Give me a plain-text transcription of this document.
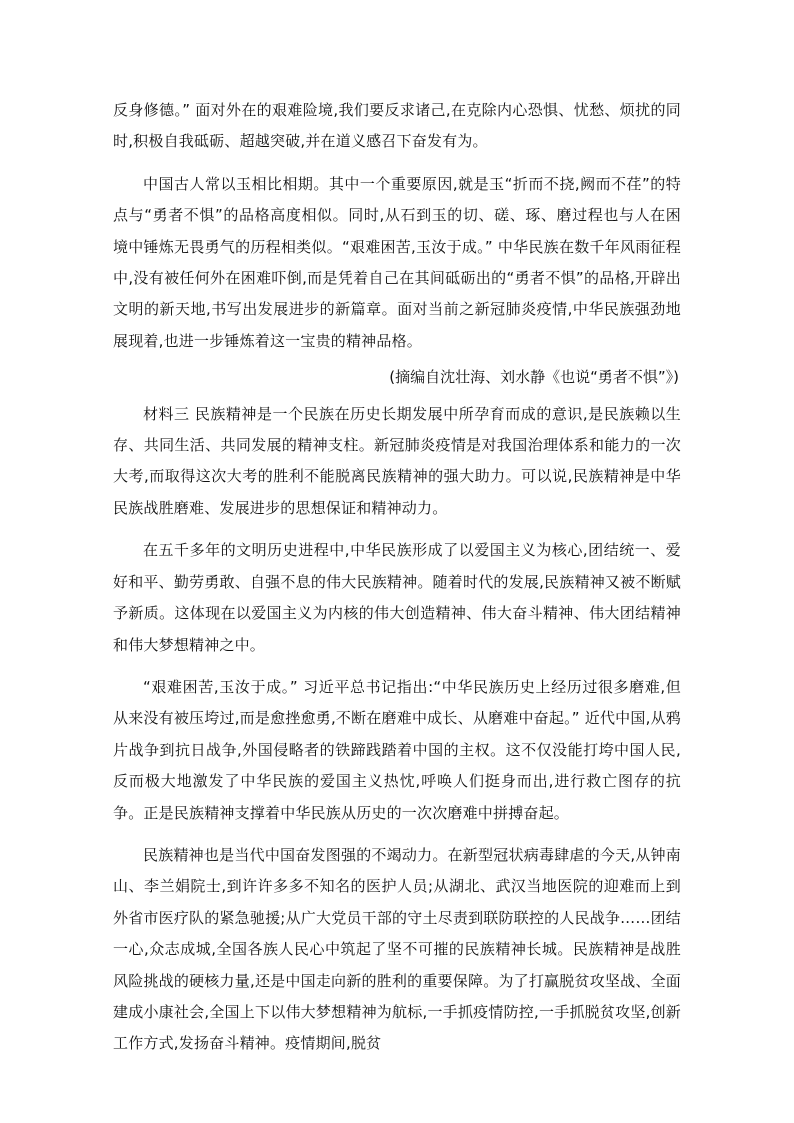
反身修德。” 面对外在的艰难险境,我们要反求诸己,在克除内心恐惧、忧愁、烦扰的同时,积极自我砥砺、超越突破,并在道义感召下奋发有为。

中国古人常以玉相比相期。其中一个重要原因,就是玉“折而不挠,阙而不荏”的特点与“勇者不惧”的品格高度相似。同时,从石到玉的切、磋、琢、磨过程也与人在困境中锤炼无畏勇气的历程相类似。“艰难困苦,玉汝于成。” 中华民族在数千年风雨征程中,没有被任何外在困难吓倒,而是凭着自己在其间砥砺出的“勇者不惧”的品格,开辟出文明的新天地,书写出发展进步的新篇章。面对当前之新冠肺炎疫情,中华民族强劲地展现着,也进一步锤炼着这一宝贵的精神品格。

(摘编自沈壮海、刘水静《也说“勇者不惧”》)

材料三 民族精神是一个民族在历史长期发展中所孕育而成的意识,是民族赖以生存、共同生活、共同发展的精神支柱。新冠肺炎疫情是对我国治理体系和能力的一次大考,而取得这次大考的胜利不能脱离民族精神的强大助力。可以说,民族精神是中华民族战胜磨难、发展进步的思想保证和精神动力。

在五千多年的文明历史进程中,中华民族形成了以爱国主义为核心,团结统一、爱好和平、勤劳勇敢、自强不息的伟大民族精神。随着时代的发展,民族精神又被不断赋予新质。这体现在以爱国主义为内核的伟大创造精神、伟大奋斗精神、伟大团结精神和伟大梦想精神之中。

“艰难困苦,玉汝于成。” 习近平总书记指出:“中华民族历史上经历过很多磨难,但从来没有被压垮过,而是愈挫愈勇,不断在磨难中成长、从磨难中奋起。” 近代中国,从鸦片战争到抗日战争,外国侵略者的铁蹄践踏着中国的主权。这不仅没能打垮中国人民,反而极大地激发了中华民族的爱国主义热忱,呼唤人们挺身而出,进行救亡图存的抗争。正是民族精神支撑着中华民族从历史的一次次磨难中拼搏奋起。

民族精神也是当代中国奋发图强的不竭动力。在新型冠状病毒肆虐的今天,从钟南山、李兰娟院士,到许许多多不知名的医护人员;从湖北、武汉当地医院的迎难而上到外省市医疗队的紧急驰援;从广大党员干部的守土尽责到联防联控的人民战争……团结一心,众志成城,全国各族人民心中筑起了坚不可摧的民族精神长城。民族精神是战胜风险挑战的硬核力量,还是中国走向新的胜利的重要保障。为了打赢脱贫攻坚战、全面建成小康社会,全国上下以伟大梦想精神为航标,一手抓疫情防控,一手抓脱贫攻坚,创新工作方式,发扬奋斗精神。疫情期间,脱贫
